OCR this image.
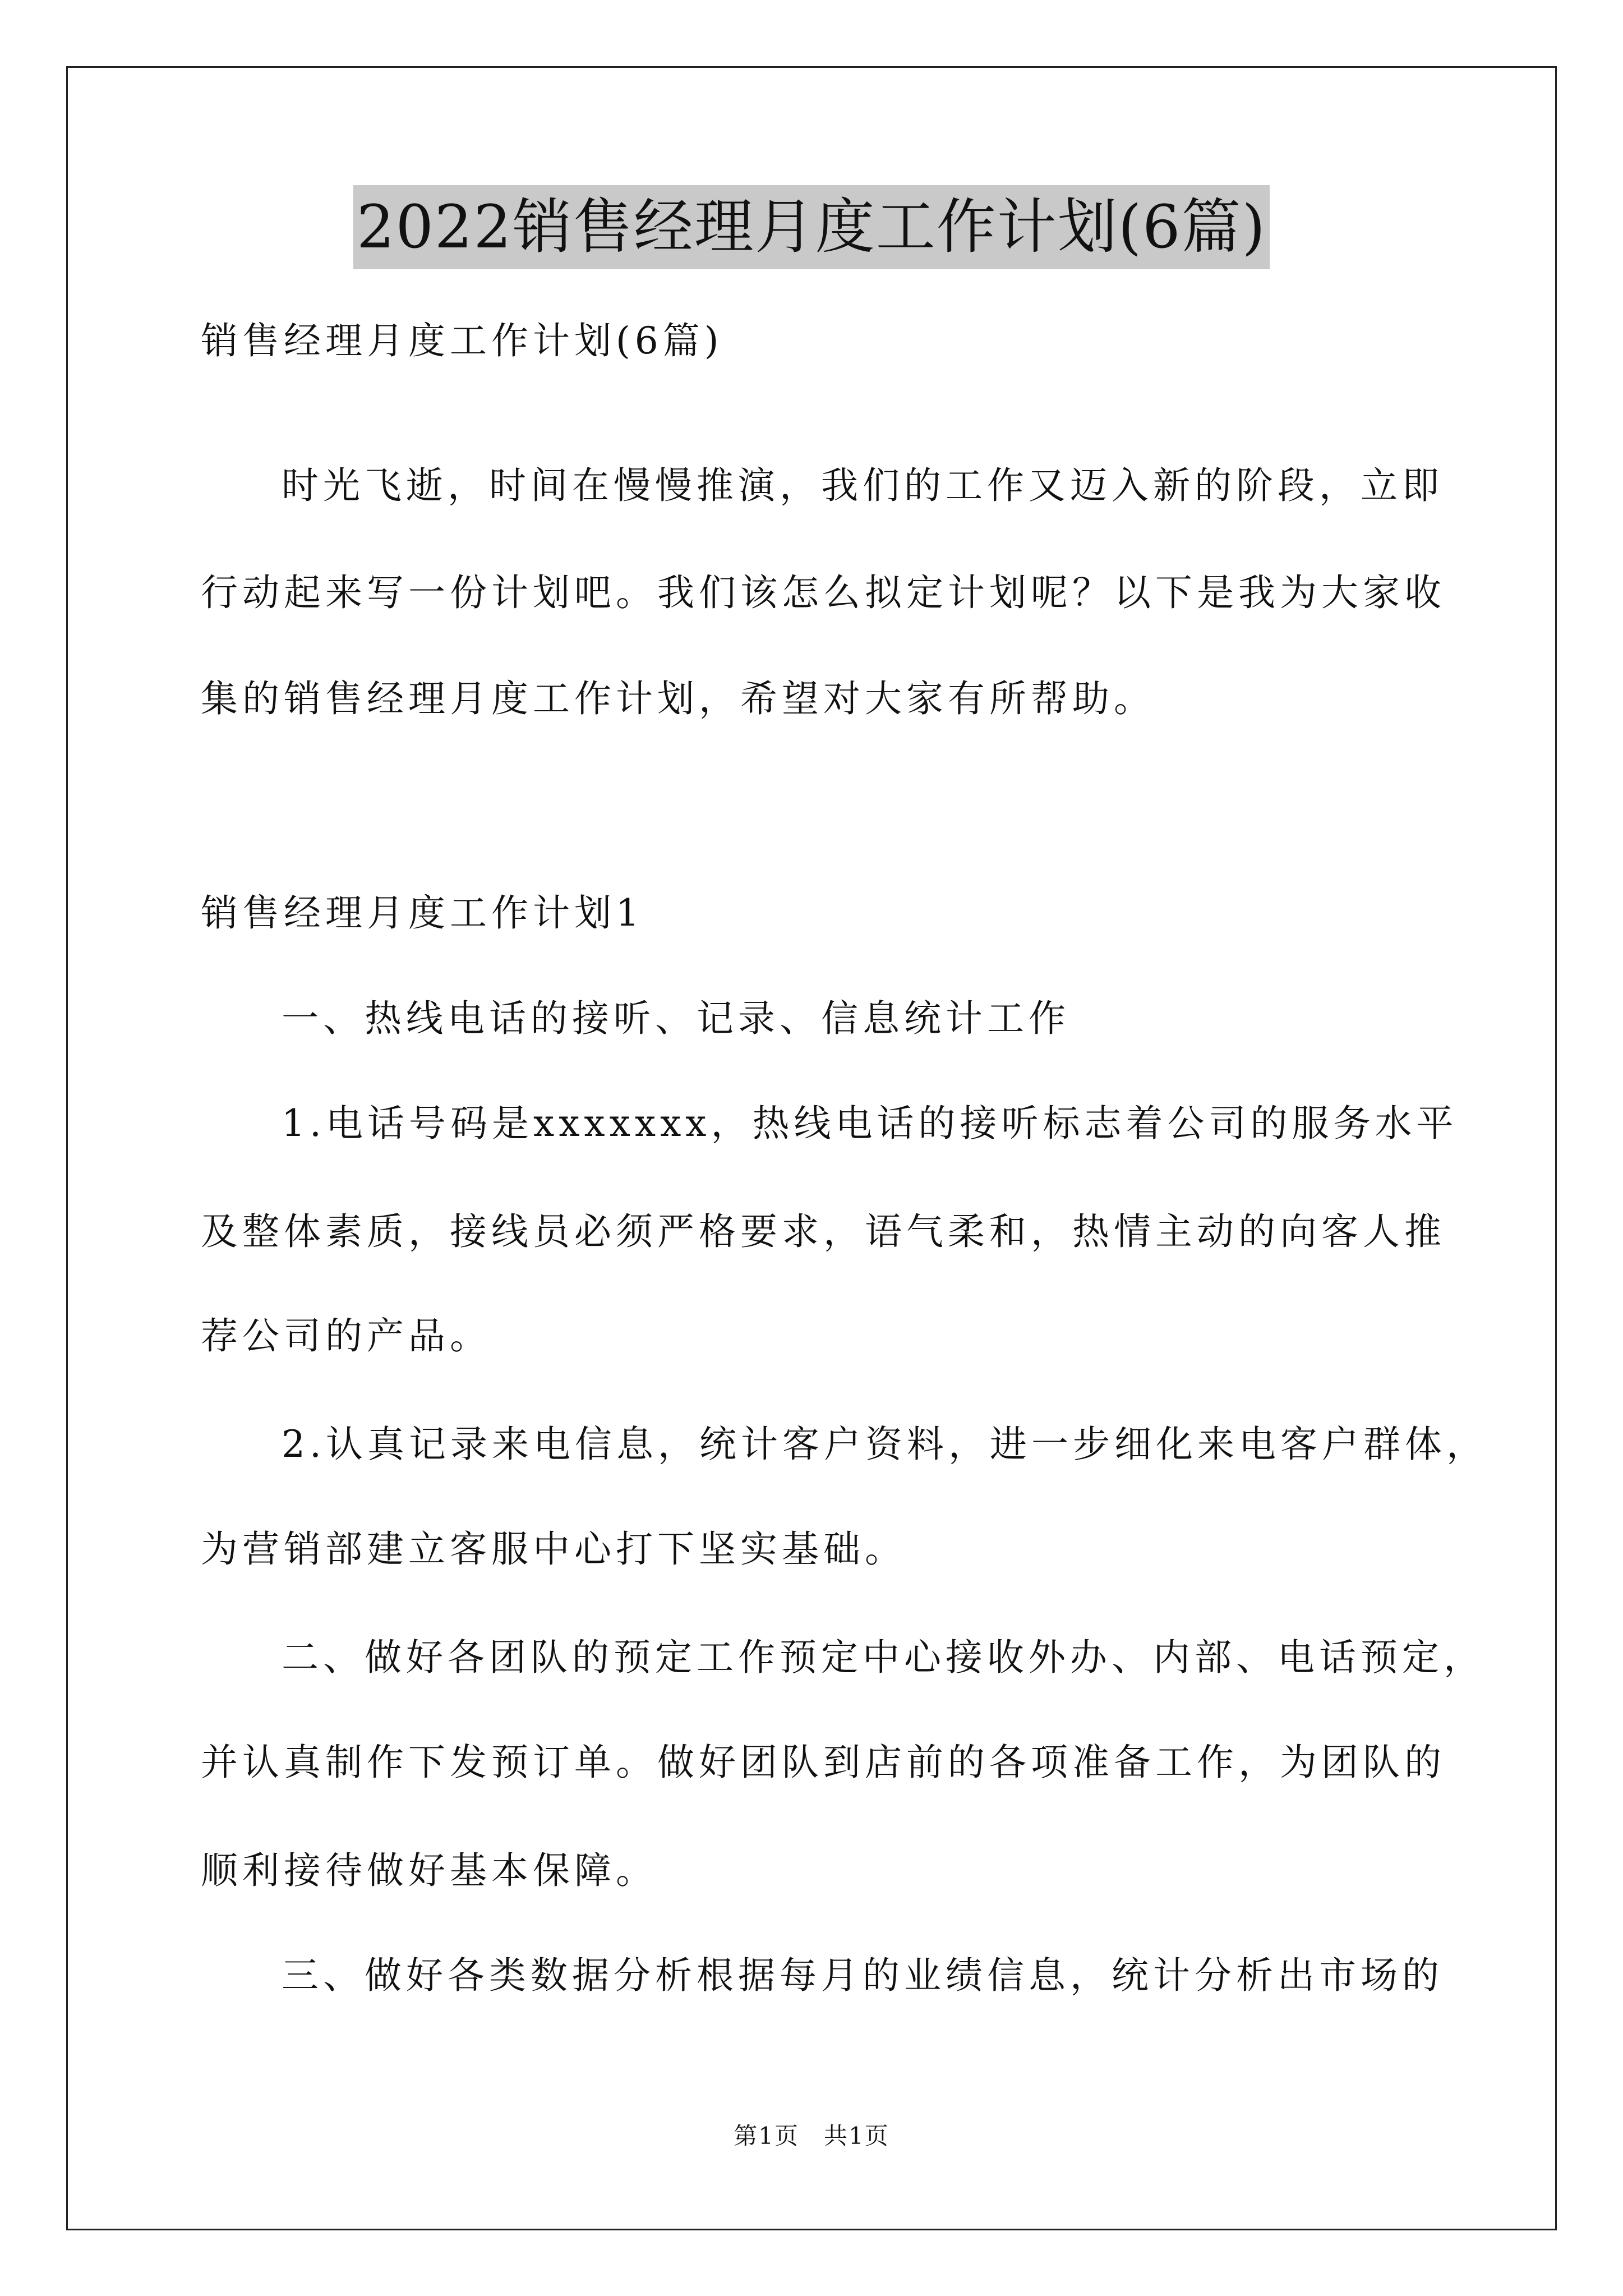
2022销售经理月度工作计划(6篇)
销售经理月度工作计划(6篇)
时光飞逝，时间在慢慢推演，我们的工作又迈入新的阶段，立即
行动起来写一份计划吧。我们该怎么拟定计划呢？以下是我为大家收
集的销售经理月度工作计划，希望对大家有所帮助。
销售经理月度工作计划1
一、热线电话的接听、记录、信息统计工作
1.电话号码是xxxxxxx，热线电话的接听标志着公司的服务水平
及整体素质，接线员必须严格要求，语气柔和，热情主动的向客人推
荐公司的产品。
2.认真记录来电信息，统计客户资料，进一步细化来电客户群体，
为营销部建立客服中心打下坚实基础。
二、做好各团队的预定工作预定中心接收外办、内部、电话预定，
并认真制作下发预订单。做好团队到店前的各项准备工作，为团队的
顺利接待做好基本保障。
三、做好各类数据分析根据每月的业绩信息，统计分析出市场的
第1页　共1页
